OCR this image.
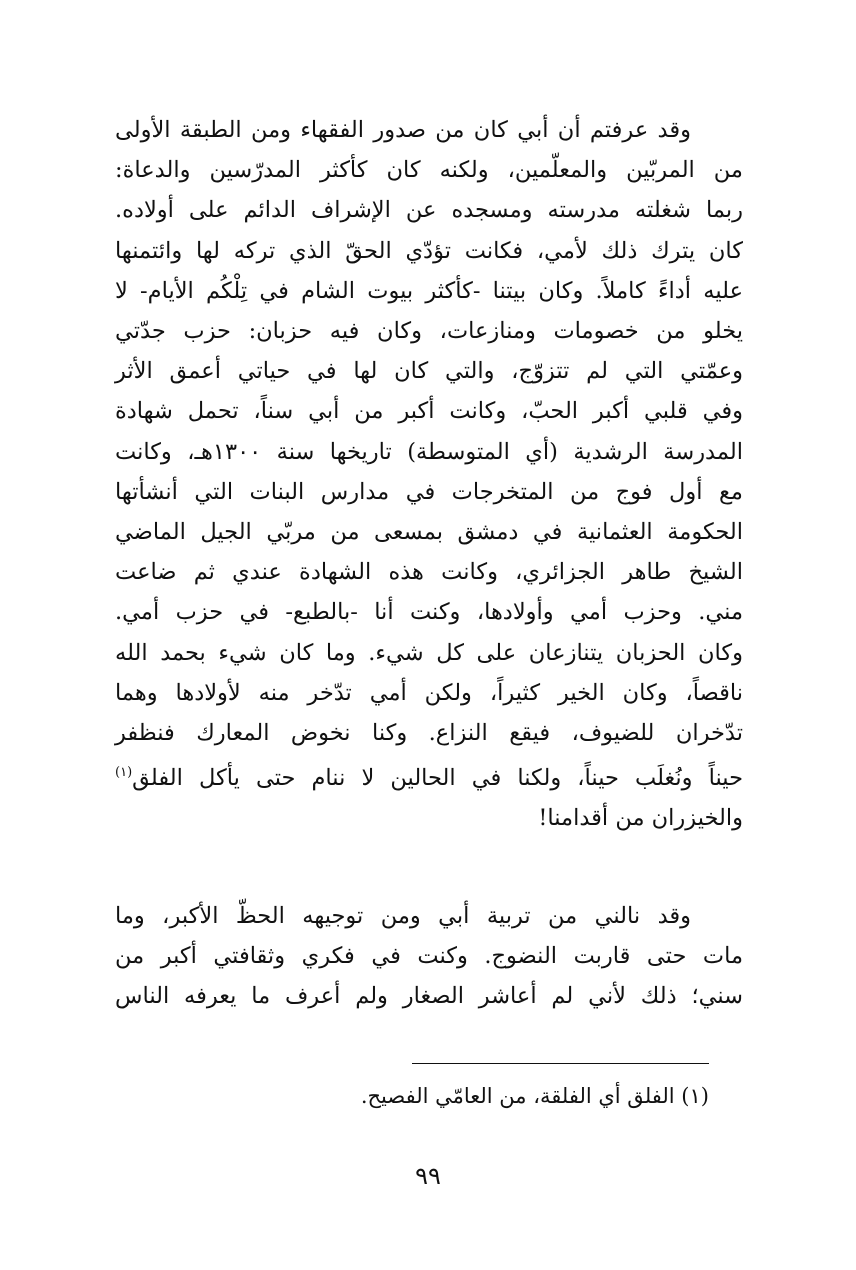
وقد عرفتم أن أبي كان من صدور الفقهاء ومن الطبقة الأولى
من المربّين والمعلّمين، ولكنه كان كأكثر المدرّسين والدعاة:
ربما شغلته مدرسته ومسجده عن الإشراف الدائم على أولاده.
كان يترك ذلك لأمي، فكانت تؤدّي الحقّ الذي تركه لها وائتمنها
عليه أداءً كاملاً. وكان بيتنا -كأكثر بيوت الشام في تِلْكُم الأيام- لا
يخلو من خصومات ومنازعات، وكان فيه حزبان: حزب جدّتي
وعمّتي التي لم تتزوّج، والتي كان لها في حياتي أعمق الأثر
وفي قلبي أكبر الحبّ، وكانت أكبر من أبي سناً، تحمل شهادة
المدرسة الرشدية (أي المتوسطة) تاريخها سنة ١٣٠٠هـ، وكانت
مع أول فوج من المتخرجات في مدارس البنات التي أنشأتها
الحكومة العثمانية في دمشق بمسعى من مربّي الجيل الماضي
الشيخ طاهر الجزائري، وكانت هذه الشهادة عندي ثم ضاعت
مني. وحزب أمي وأولادها، وكنت أنا -بالطبع- في حزب أمي.
وكان الحزبان يتنازعان على كل شيء. وما كان شيء بحمد الله
ناقصاً، وكان الخير كثيراً، ولكن أمي تدّخر منه لأولادها وهما
تدّخران للضيوف، فيقع النزاع. وكنا نخوض المعارك فنظفر
حيناً ونُغلَب حيناً، ولكنا في الحالين لا ننام حتى يأكل الفلق$^{(١)}$
والخيزران من أقدامنا!

وقد نالني من تربية أبي ومن توجيهه الحظّ الأكبر، وما
مات حتى قاربت النضوج. وكنت في فكري وثقافتي أكبر من
سني؛ ذلك لأني لم أعاشر الصغار ولم أعرف ما يعرفه الناس

(١) الفلق أي الفلقة، من العامّي الفصيح.
٩٩
